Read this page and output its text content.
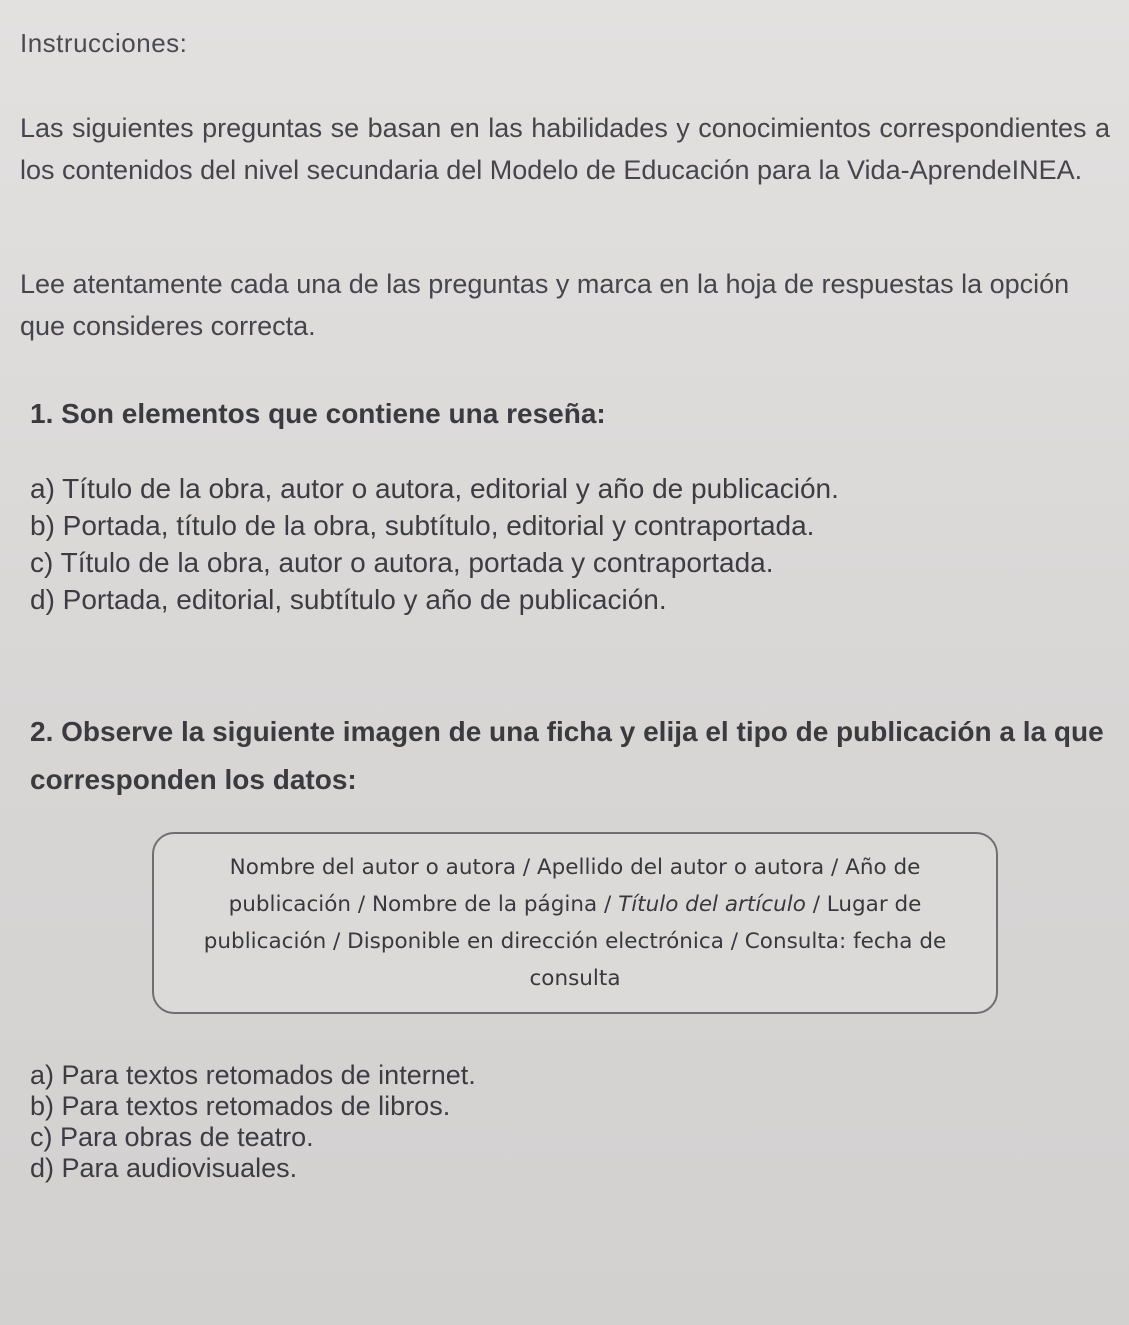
Instrucciones:

Las siguientes preguntas se basan en las habilidades y conocimientos correspondientes a los contenidos del nivel secundaria del Modelo de Educación para la Vida-AprendeINEA.

Lee atentamente cada una de las preguntas y marca en la hoja de respuestas la opción que consideres correcta.

1. Son elementos que contiene una reseña:
a) Título de la obra, autor o autora, editorial y año de publicación.
b) Portada, título de la obra, subtítulo, editorial y contraportada.
c) Título de la obra, autor o autora, portada y contraportada.
d) Portada, editorial, subtítulo y año de publicación.
2. Observe la siguiente imagen de una ficha y elija el tipo de publicación a la que corresponden los datos:
Nombre del autor o autora / Apellido del autor o autora / Año de publicación / Nombre de la página / Título del artículo / Lugar de publicación / Disponible en dirección electrónica / Consulta: fecha de consulta
a) Para textos retomados de internet.
b) Para textos retomados de libros.
c) Para obras de teatro.
d) Para audiovisuales.
